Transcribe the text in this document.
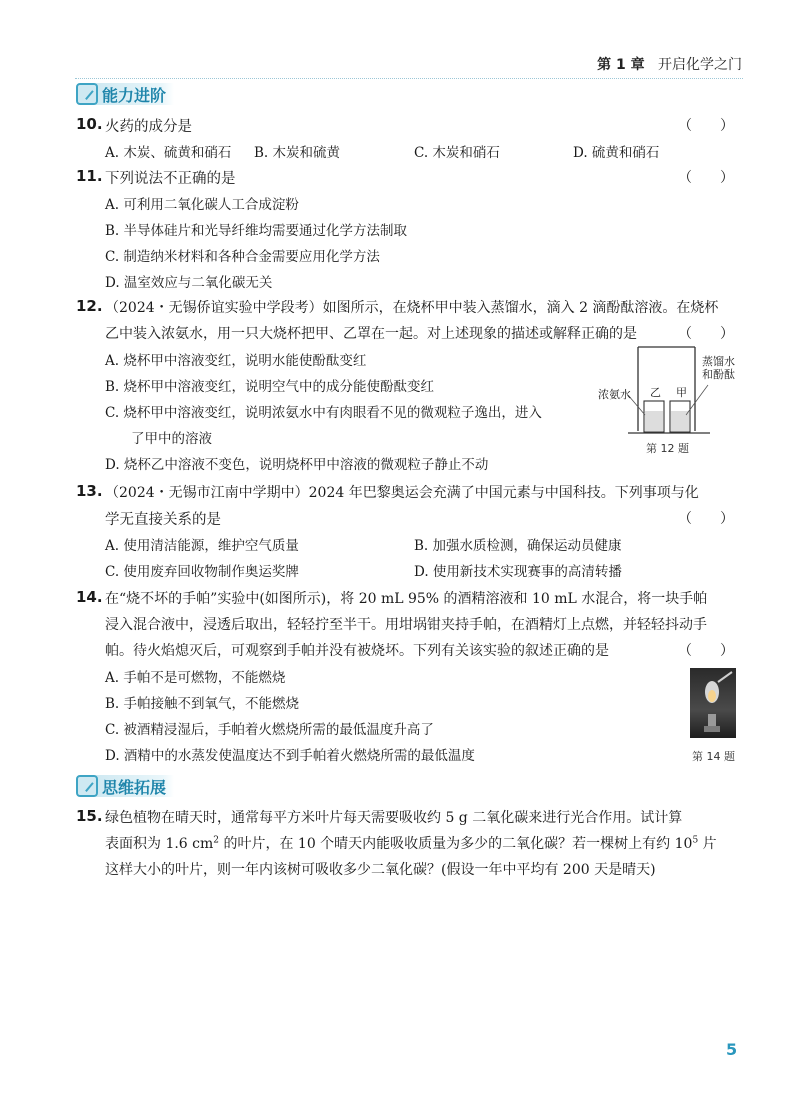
第 1 章 开启化学之门
能力进阶
10. 火药的成分是	（　　）
A. 木炭、硫黄和硝石 B. 木炭和硫黄	C. 木炭和硝石	D. 硫黄和硝石
11. 下列说法不正确的是	（　　）
A. 可利用二氧化碳人工合成淀粉
B. 半导体硅片和光导纤维均需要通过化学方法制取
C. 制造纳米材料和各种合金需要应用化学方法
D. 温室效应与二氧化碳无关
12. （2024・无锡侨谊实验中学段考）如图所示，在烧杯甲中装入蒸馏水，滴入 2 滴酚酞溶液。在烧杯
乙中装入浓氨水，用一只大烧杯把甲、乙罩在一起。对上述现象的描述或解释正确的是	（　　）
A. 烧杯甲中溶液变红，说明水能使酚酞变红
B. 烧杯甲中溶液变红，说明空气中的成分能使酚酞变红
C. 烧杯甲中溶液变红，说明浓氨水中有肉眼看不见的微观粒子逸出，进入
了甲中的溶液
D. 烧杯乙中溶液不变色，说明烧杯甲中溶液的微观粒子静止不动
浓氨水 乙 甲
蒸馏水
和酚酞
第 12 题
13. （2024・无锡市江南中学期中）2024 年巴黎奥运会充满了中国元素与中国科技。下列事项与化
学无直接关系的是	（　　）
A. 使用清洁能源，维护空气质量	B. 加强水质检测，确保运动员健康
C. 使用废弃回收物制作奥运奖牌	D. 使用新技术实现赛事的高清转播
14. 在“烧不坏的手帕”实验中(如图所示)，将 20 mL 95% 的酒精溶液和 10 mL 水混合，将一块手帕
浸入混合液中，浸透后取出，轻轻拧至半干。用坩埚钳夹持手帕，在酒精灯上点燃，并轻轻抖动手
帕。待火焰熄灭后，可观察到手帕并没有被烧坏。下列有关该实验的叙述正确的是	（　　）
A. 手帕不是可燃物，不能燃烧
B. 手帕接触不到氧气，不能燃烧
C. 被酒精浸湿后，手帕着火燃烧所需的最低温度升高了
D. 酒精中的水蒸发使温度达不到手帕着火燃烧所需的最低温度	第 14 题
思维拓展
15. 绿色植物在晴天时，通常每平方米叶片每天需要吸收约 5 g 二氧化碳来进行光合作用。试计算
表面积为 1.6 $cm^2$ 的叶片，在 10 个晴天内能吸收质量为多少的二氧化碳？若一棵树上有约 $10^5$ 片
这样大小的叶片，则一年内该树可吸收多少二氧化碳？(假设一年中平均有 200 天是晴天)
5
